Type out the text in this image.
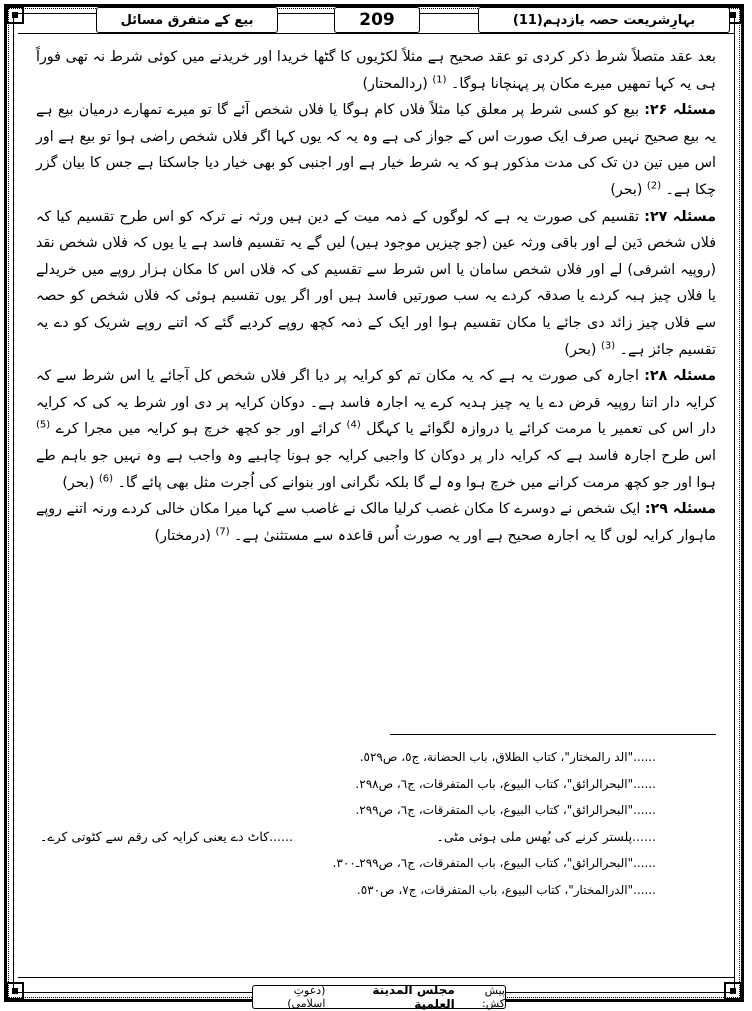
بہارِشریعت حصہ یازدہم(11)
209
بیع کے متفرق مسائل

بعد عقد متصلاً شرط ذکر کردی تو عقد صحیح ہے مثلاً لکڑیوں کا گٹھا خریدا اور خریدنے میں کوئی شرط نہ تھی فوراً ہی یہ کہا تمھیں میرے مکان پر پہنچانا ہوگا۔ $^{(1)}$ (ردالمحتار)

مسئلہ ۲۶: بیع کو کسی شرط پر معلق کیا مثلاً فلاں کام ہوگا یا فلاں شخص آئے گا تو میرے تمھارے درمیان بیع ہے یہ بیع صحیح نہیں صرف ایک صورت اس کے جواز کی ہے وہ یہ کہ یوں کہا اگر فلاں شخص راضی ہوا تو بیع ہے اور اس میں تین دن تک کی مدت مذکور ہو کہ یہ شرط خیار ہے اور اجنبی کو بھی خیار دیا جاسکتا ہے جس کا بیان گزر چکا ہے۔ $^{(2)}$ (بحر)

مسئلہ ۲۷: تقسیم کی صورت یہ ہے کہ لوگوں کے ذمہ میت کے دین ہیں ورثہ نے ترکہ کو اس طرح تقسیم کیا کہ فلاں شخص دَین لے اور باقی ورثہ عین (جو چیزیں موجود ہیں) لیں گے یہ تقسیم فاسد ہے یا یوں کہ فلاں شخص نقد (روپیہ اشرفی) لے اور فلاں شخص سامان یا اس شرط سے تقسیم کی کہ فلاں اس کا مکان ہزار روپے میں خریدلے یا فلاں چیز ہبہ کردے یا صدقہ کردے یہ سب صورتیں فاسد ہیں اور اگر یوں تقسیم ہوئی کہ فلاں شخص کو حصہ سے فلاں چیز زائد دی جائے یا مکان تقسیم ہوا اور ایک کے ذمہ کچھ روپے کردیے گئے کہ اتنے روپے شریک کو دے یہ تقسیم جائز ہے۔ $^{(3)}$ (بحر)

مسئلہ ۲۸: اجارہ کی صورت یہ ہے کہ یہ مکان تم کو کرایہ پر دیا اگر فلاں شخص کل آجائے یا اس شرط سے کہ کرایہ دار اتنا روپیہ قرض دے یا یہ چیز ہدیہ کرے یہ اجارہ فاسد ہے۔ دوکان کرایہ پر دی اور شرط یہ کی کہ کرایہ دار اس کی تعمیر یا مرمت کرائے یا دروازہ لگوائے یا کہگل $^{(4)}$ کرائے اور جو کچھ خرچ ہو کرایہ میں مجرا کرے $^{(5)}$ اس طرح اجارہ فاسد ہے کہ کرایہ دار پر دوکان کا واجبی کرایہ جو ہونا چاہیے وہ واجب ہے وہ نہیں جو باہم طے ہوا اور جو کچھ مرمت کرانے میں خرچ ہوا وہ لے گا بلکہ نگرانی اور بنوانے کی اُجرت مثل بھی پائے گا۔ $^{(6)}$ (بحر)

مسئلہ ۲۹: ایک شخص نے دوسرے کا مکان غصب کرلیا مالک نے غاصب سے کہا میرا مکان خالی کردے ورنہ اتنے روپے ماہوار کرایہ لوں گا یہ اجارہ صحیح ہے اور یہ صورت اُس قاعدہ سے مستثنیٰ ہے۔ $^{(7)}$ (درمختار)

......"الد رالمختار"، کتاب الطلاق، باب الحضانة، ج٥، ص٥٢٩.
......"البحرالرائق"، کتاب البیوع، باب المتفرقات، ج٦، ص٢٩٨.
......"البحرالرائق"، کتاب البیوع، باب المتفرقات، ج٦، ص٢٩٩.
......پلستر کرنے کی بُھس ملی ہوئی مٹی۔
......کاٹ دے یعنی کرایہ کی رقم سے کٹوتی کرے۔
......"البحرالرائق"، کتاب البیوع، باب المتفرقات، ج٦، ص٢٩٩ـ٣٠٠.
......"الدرالمختار"، کتاب البیوع، باب المتفرقات، ج٧، ص٥٣٠.
پیش کش:
مجلس المدينة العلمية
(دعوتِ اسلامی)
